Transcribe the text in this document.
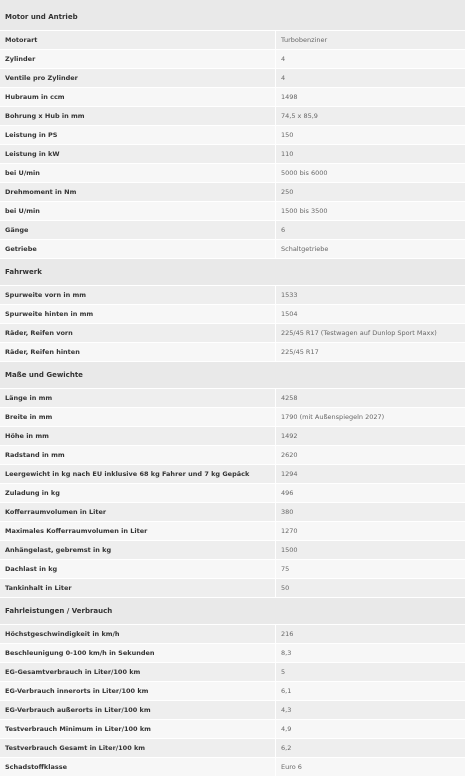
Motor und Antrieb
Motorart	Turbobenziner
Zylinder	4
Ventile pro Zylinder	4
Hubraum in ccm	1498
Bohrung x Hub in mm	74,5 x 85,9
Leistung in PS	150
Leistung in kW	110
bei U/min	5000 bis 6000
Drehmoment in Nm	250
bei U/min	1500 bis 3500
Gänge	6
Getriebe	Schaltgetriebe
Fahrwerk
Spurweite vorn in mm	1533
Spurweite hinten in mm	1504
Räder, Reifen vorn	225/45 R17 (Testwagen auf Dunlop Sport Maxx)
Räder, Reifen hinten	225/45 R17
Maße und Gewichte
Länge in mm	4258
Breite in mm	1790 (mit Außenspiegeln 2027)
Höhe in mm	1492
Radstand in mm	2620
Leergewicht in kg nach EU inklusive 68 kg Fahrer und 7 kg Gepäck	1294
Zuladung in kg	496
Kofferraumvolumen in Liter	380
Maximales Kofferraumvolumen in Liter	1270
Anhängelast, gebremst in kg	1500
Dachlast in kg	75
Tankinhalt in Liter	50
Fahrleistungen / Verbrauch
Höchstgeschwindigkeit in km/h	216
Beschleunigung 0-100 km/h in Sekunden	8,3
EG-Gesamtverbrauch in Liter/100 km	5
EG-Verbrauch innerorts in Liter/100 km	6,1
EG-Verbrauch außerorts in Liter/100 km	4,3
Testverbrauch Minimum in Liter/100 km	4,9
Testverbrauch Gesamt in Liter/100 km	6,2
Schadstoffklasse	Euro 6
